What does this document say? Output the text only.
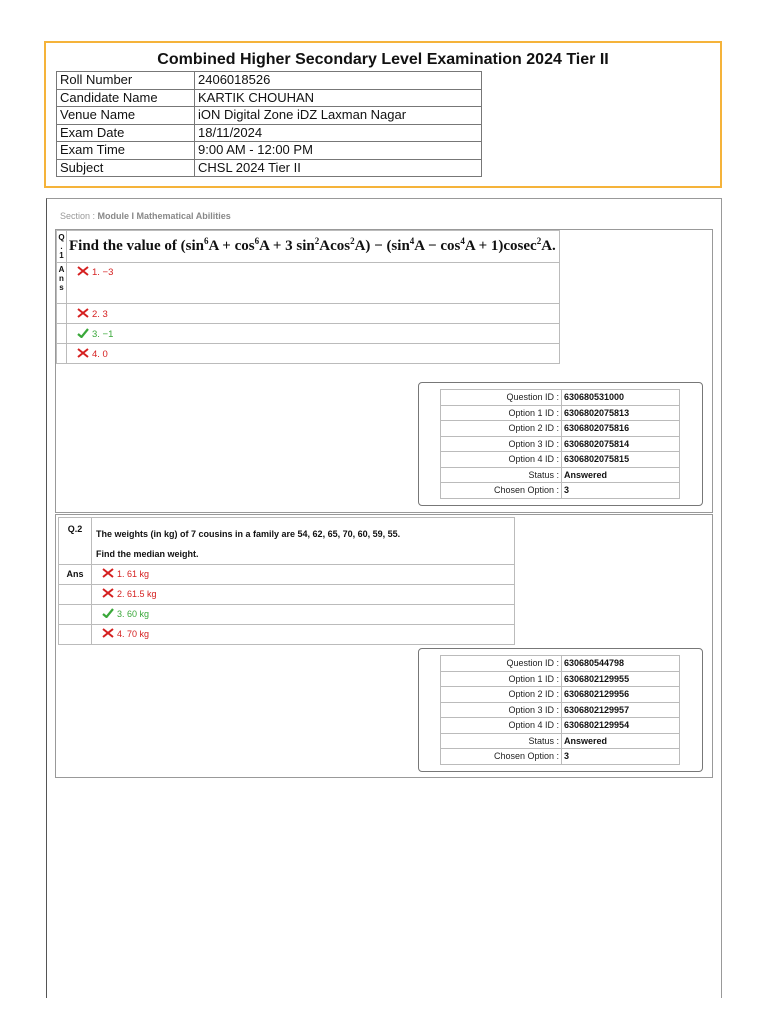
Combined Higher Secondary Level Examination 2024 Tier II
Roll Number	2406018526
Candidate Name	KARTIK CHOUHAN
Venue Name	iON Digital Zone iDZ Laxman Nagar
Exam Date	18/11/2024
Exam Time	9:00 AM - 12:00 PM
Subject	CHSL 2024 Tier II
Section : Module I Mathematical Abilities
Q
.
1	Find the value of ($\sin^6A + \cos^6A + 3$ $\sin^2Acos^2A) - (\sin^4A - \cos^4A + 1)cosec^2A$.
A
n
s	1. −3
	2. 3
	3. −1
	4. 0
Question ID :	630680531000
Option 1 ID :	6306802075813
Option 2 ID :	6306802075816
Option 3 ID :	6306802075814
Option 4 ID :	6306802075815
Status :	Answered
Chosen Option :	3
Q.2	The weights (in kg) of 7 cousins in a family are 54, 62, 65, 70, 60, 59, 55.
Find the median weight.
Ans	1. 61 kg
	2. 61.5 kg
	3. 60 kg
	4. 70 kg
Question ID :	630680544798
Option 1 ID :	6306802129955
Option 2 ID :	6306802129956
Option 3 ID :	6306802129957
Option 4 ID :	6306802129954
Status :	Answered
Chosen Option :	3
